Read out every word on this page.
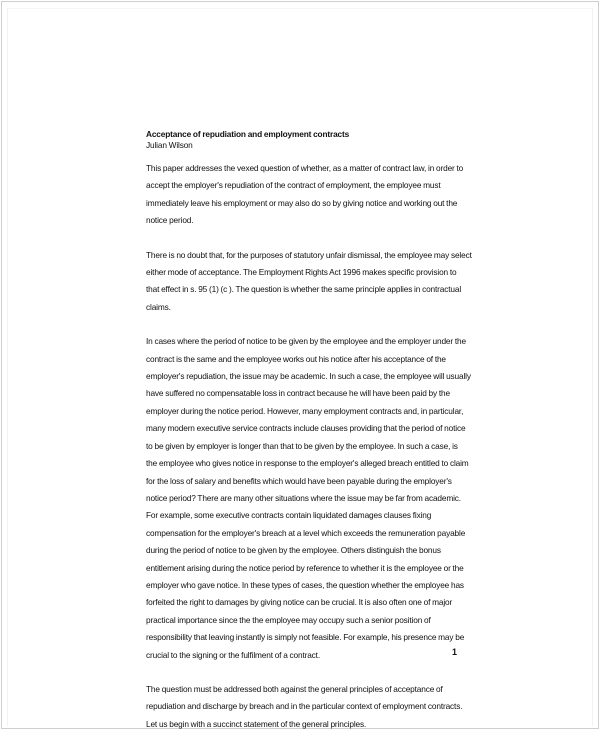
Acceptance of repudiation and employment contracts

Julian Wilson

This paper addresses the vexed question of whether, as a matter of contract law, in order to
accept the employer's repudiation of the contract of employment, the employee must
immediately leave his employment or may also do so by giving notice and working out the
notice period.
There is no doubt that, for the purposes of statutory unfair dismissal, the employee may select
either mode of acceptance. The Employment Rights Act 1996 makes specific provision to
that effect in s. 95 (1) (c ). The question is whether the same principle applies in contractual
claims.
In cases where the period of notice to be given by the employee and the employer under the
contract is the same and the employee works out his notice after his acceptance of the
employer's repudiation, the issue may be academic. In such a case, the employee will usually
have suffered no compensatable loss in contract because he will have been paid by the
employer during the notice period. However, many employment contracts and, in particular,
many modern executive service contracts include clauses providing that the period of notice
to be given by employer is longer than that to be given by the employee. In such a case, is
the employee who gives notice in response to the employer's alleged breach entitled to claim
for the loss of salary and benefits which would have been payable during the employer's
notice period? There are many other situations where the issue may be far from academic.
For example, some executive contracts contain liquidated damages clauses fixing
compensation for the employer's breach at a level which exceeds the remuneration payable
during the period of notice to be given by the employee. Others distinguish the bonus
entitlement arising during the notice period by reference to whether it is the employee or the
employer who gave notice. In these types of cases, the question whether the employee has
forfeited the right to damages by giving notice can be crucial. It is also often one of major
practical importance since the the employee may occupy such a senior position of
responsibility that leaving instantly is simply not feasible. For example, his presence may be
crucial to the signing or the fulfilment of a contract.
The question must be addressed both against the general principles of acceptance of
repudiation and discharge by breach and in the particular context of employment contracts.
Let us begin with a succinct statement of the general principles.
1
